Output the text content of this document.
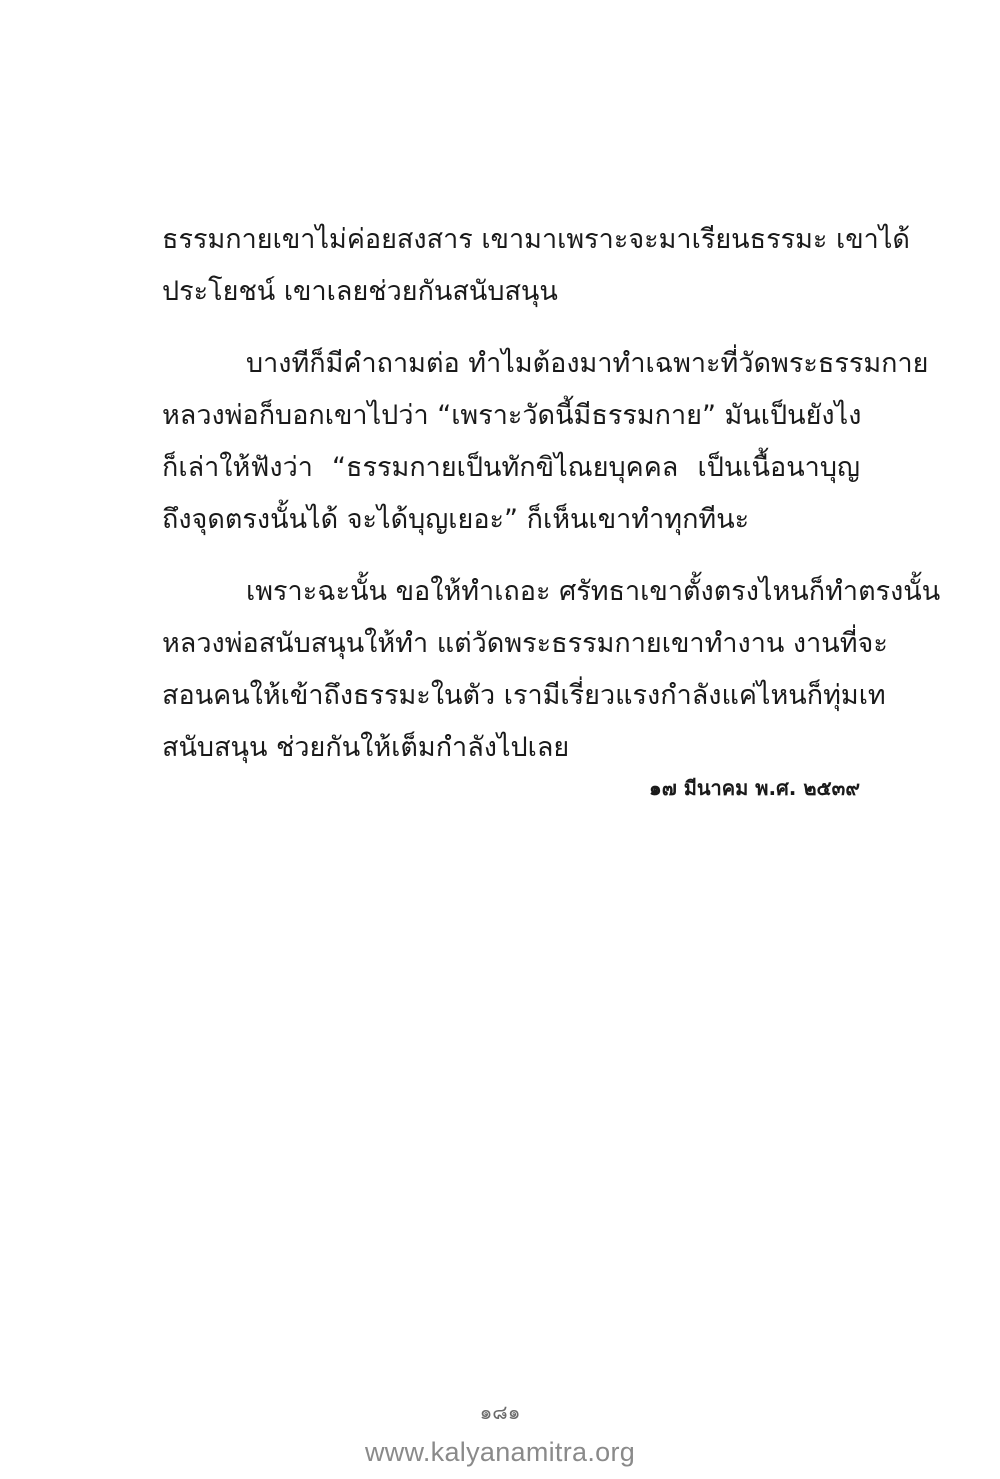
ธรรมกายเขาไม่ค่อยสงสาร เขามาเพราะจะมาเรียนธรรมะ เขาได้
ประโยชน์ เขาเลยช่วยกันสนับสนุน
บางทีก็มีคำถามต่อ ทำไมต้องมาทำเฉพาะที่วัดพระธรรมกาย
หลวงพ่อก็บอกเขาไปว่า “เพราะวัดนี้มีธรรมกาย” มันเป็นยังไง
ก็เล่าให้ฟังว่า “ธรรมกายเป็นทักขิไณยบุคคล เป็นเนื้อนาบุญ
ถึงจุดตรงนั้นได้ จะได้บุญเยอะ” ก็เห็นเขาทำทุกทีนะ
เพราะฉะนั้น ขอให้ทำเถอะ ศรัทธาเขาตั้งตรงไหนก็ทำตรงนั้น
หลวงพ่อสนับสนุนให้ทำ แต่วัดพระธรรมกายเขาทำงาน งานที่จะ
สอนคนให้เข้าถึงธรรมะในตัว เรามีเรี่ยวแรงกำลังแค่ไหนก็ทุ่มเท
สนับสนุน ช่วยกันให้เต็มกำลังไปเลย
๑๗ มีนาคม พ.ศ. ๒๕๓๙
๑๘๑
www.kalyanamitra.org
